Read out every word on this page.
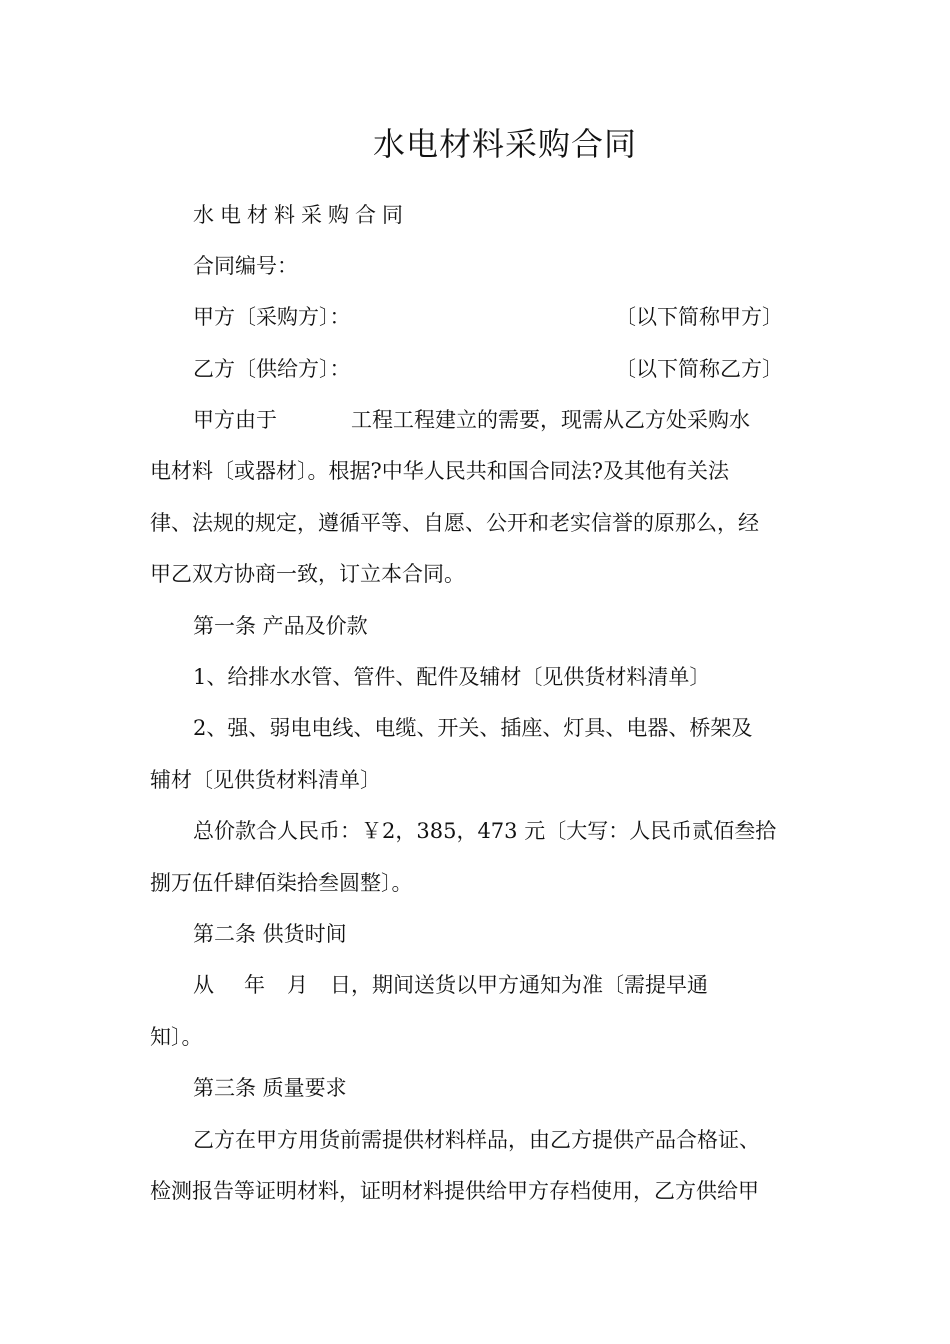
水电材料采购合同
水电材料采购合同
合同编号：
甲方〔采购方〕：	〔以下简称甲方〕
乙方〔供给方〕：	〔以下简称乙方〕
甲方由于	工程工程建立的需要，现需从乙方处采购水
电材料〔或器材〕。根据?中华人民共和国合同法?及其他有关法
律、法规的规定，遵循平等、自愿、公开和老实信誉的原那么，经
甲乙双方协商一致，订立本合同。
第一条 产品及价款
1、给排水水管、管件、配件及辅材〔见供货材料清单〕
2、强、弱电电线、电缆、开关、插座、灯具、电器、桥架及
辅材〔见供货材料清单〕
总价款合人民币：￥2，385，473 元〔大写：人民币贰佰叁拾
捌万伍仟肆佰柒拾叁圆整〕。
第二条 供货时间
从 年 月 日，期间送货以甲方通知为准〔需提早通
知〕。
第三条 质量要求
乙方在甲方用货前需提供材料样品，由乙方提供产品合格证、
检测报告等证明材料，证明材料提供给甲方存档使用，乙方供给甲
